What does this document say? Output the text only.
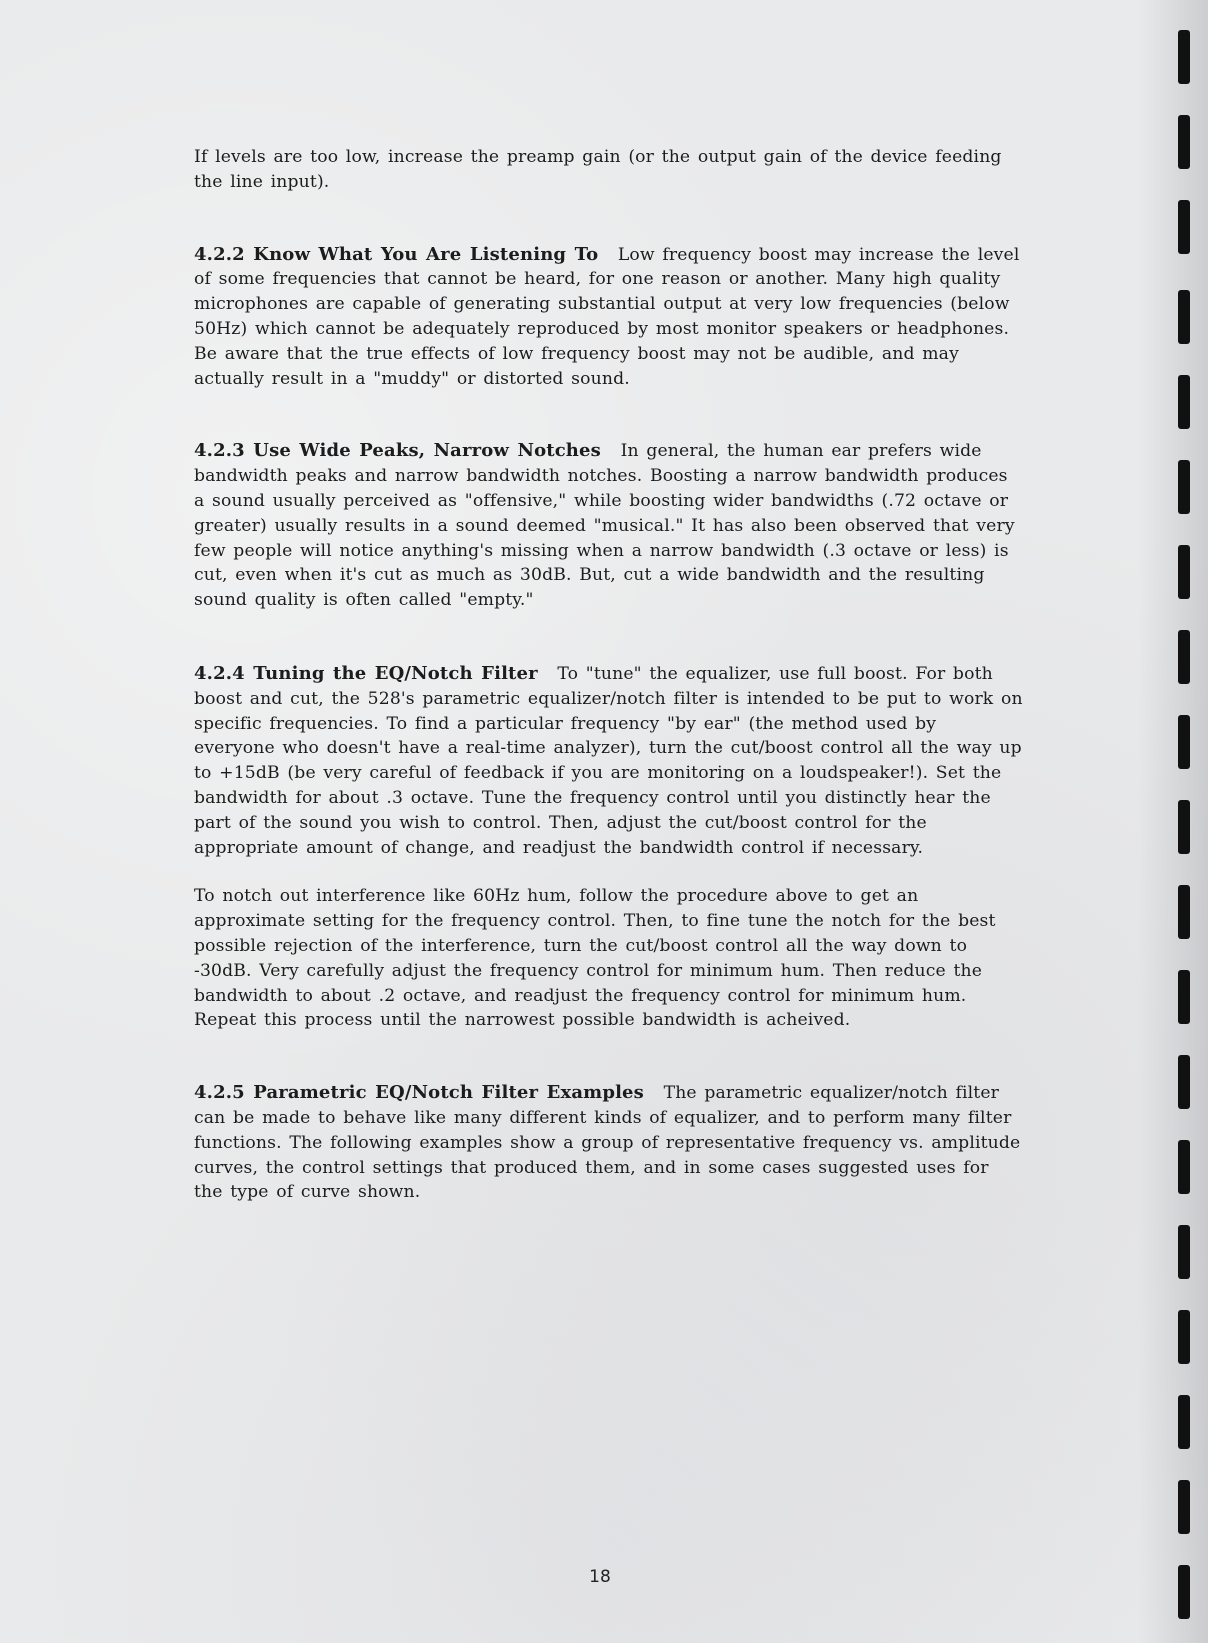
If levels are too low, increase the preamp gain (or the output gain of the device feeding the line input).

4.2.2 Know What You Are Listening To Low frequency boost may increase the level of some frequencies that cannot be heard, for one reason or another. Many high quality microphones are capable of generating substantial output at very low frequencies (below 50Hz) which cannot be adequately reproduced by most monitor speakers or headphones. Be aware that the true effects of low frequency boost may not be audible, and may actually result in a "muddy" or distorted sound.

4.2.3 Use Wide Peaks, Narrow Notches In general, the human ear prefers wide bandwidth peaks and narrow bandwidth notches. Boosting a narrow bandwidth produces a sound usually perceived as "offensive," while boosting wider bandwidths (.72 octave or greater) usually results in a sound deemed "musical." It has also been observed that very few people will notice anything's missing when a narrow bandwidth (.3 octave or less) is cut, even when it's cut as much as 30dB. But, cut a wide bandwidth and the resulting sound quality is often called "empty."

4.2.4 Tuning the EQ/Notch Filter To "tune" the equalizer, use full boost. For both boost and cut, the 528's parametric equalizer/notch filter is intended to be put to work on specific frequencies. To find a particular frequency "by ear" (the method used by everyone who doesn't have a real-time analyzer), turn the cut/boost control all the way up to +15dB (be very careful of feedback if you are monitoring on a loudspeaker!). Set the bandwidth for about .3 octave. Tune the frequency control until you distinctly hear the part of the sound you wish to control. Then, adjust the cut/boost control for the appropriate amount of change, and readjust the bandwidth control if necessary.

To notch out interference like 60Hz hum, follow the procedure above to get an approximate setting for the frequency control. Then, to fine tune the notch for the best possible rejection of the interference, turn the cut/boost control all the way down to -30dB. Very carefully adjust the frequency control for minimum hum. Then reduce the bandwidth to about .2 octave, and readjust the frequency control for minimum hum. Repeat this process until the narrowest possible bandwidth is acheived.

4.2.5 Parametric EQ/Notch Filter Examples The parametric equalizer/notch filter can be made to behave like many different kinds of equalizer, and to perform many filter functions. The following examples show a group of representative frequency vs. amplitude curves, the control settings that produced them, and in some cases suggested uses for the type of curve shown.

18
